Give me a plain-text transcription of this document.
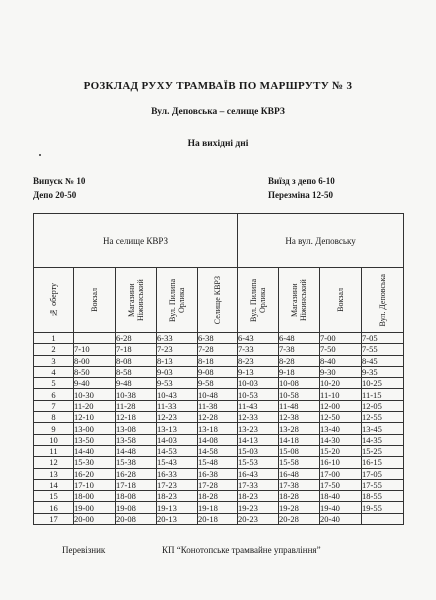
РОЗКЛАД РУХУ ТРАМВАЇВ ПО МАРШРУТУ № 3
Вул. Деповська – селище КВРЗ
На вихідні дні
Випуск № 10
Депо 20-50
Виїзд з депо 6-10
Перезміна 12-50
На селище КВРЗ					На вул. Деповську			

№ оберту	Вокзал	Магазини Ніжинський	Вул. Пилипа Орлика	Селище КВРЗ	Вул. Пилипа Орлика	Магазини Ніжинський	Вокзал	Вул. Деповська

1		6-28	6-33	6-38	6-43	6-48	7-00	7-05
2	7-10	7-18	7-23	7-28	7-33	7-38	7-50	7-55
3	8-00	8-08	8-13	8-18	8-23	8-28	8-40	8-45
4	8-50	8-58	9-03	9-08	9-13	9-18	9-30	9-35
5	9-40	9-48	9-53	9-58	10-03	10-08	10-20	10-25
6	10-30	10-38	10-43	10-48	10-53	10-58	11-10	11-15
7	11-20	11-28	11-33	11-38	11-43	11-48	12-00	12-05
8	12-10	12-18	12-23	12-28	12-33	12-38	12-50	12-55
9	13-00	13-08	13-13	13-18	13-23	13-28	13-40	13-45
10	13-50	13-58	14-03	14-08	14-13	14-18	14-30	14-35
11	14-40	14-48	14-53	14-58	15-03	15-08	15-20	15-25
12	15-30	15-38	15-43	15-48	15-53	15-58	16-10	16-15
13	16-20	16-28	16-33	16-38	16-43	16-48	17-00	17-05
14	17-10	17-18	17-23	17-28	17-33	17-38	17-50	17-55
15	18-00	18-08	18-23	18-28	18-23	18-28	18-40	18-55
16	19-00	19-08	19-13	19-18	19-23	19-28	19-40	19-55
17	20-00	20-08	20-13	20-18	20-23	20-28	20-40	
Перевізник	КП “Конотопське трамвайне управління”
